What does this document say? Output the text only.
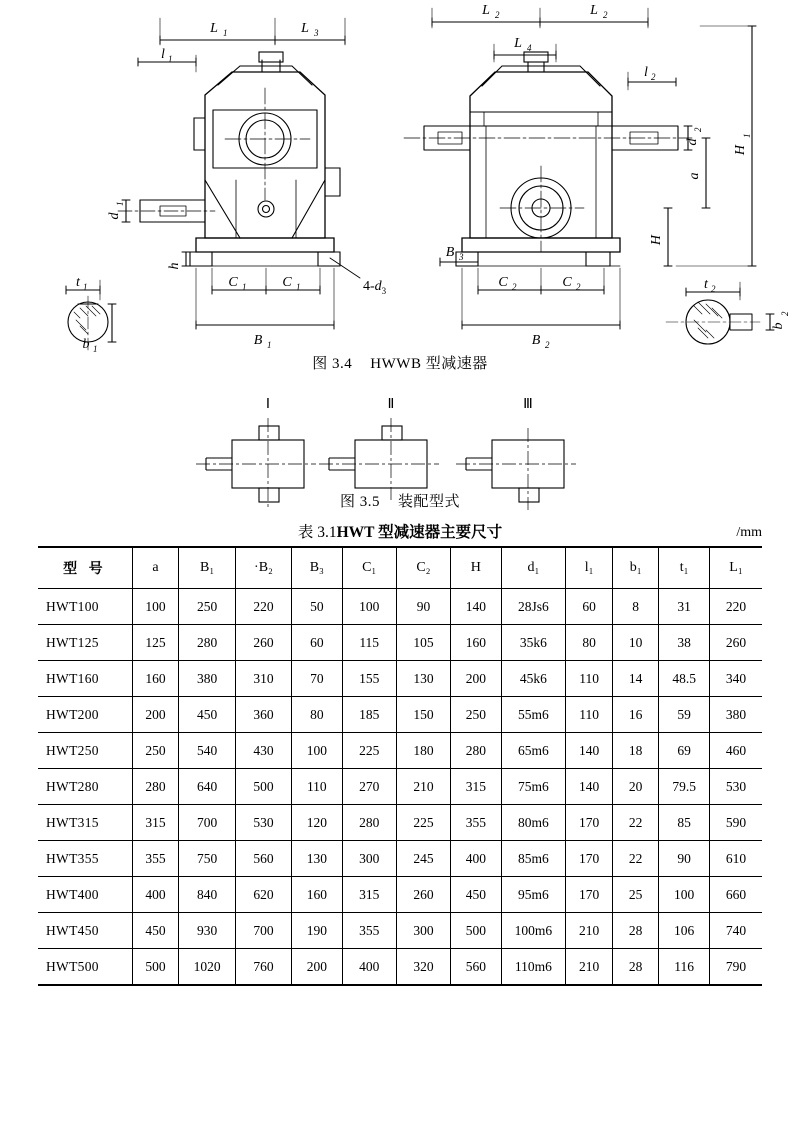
L 1	L 3
l 1
d
1
h
C 1	C 1
B 1
t 1
b 1
L 2	L 2
L 4
l 2
d
2
a
H
H
1
B 3
C 2	C 2
B 2
t 2
b
2
$4-d_3$
图 3.4 HWWB 型减速器
Ⅰ	Ⅱ	Ⅲ
图 3.5 装配型式
表 3.1HWT 型减速器主要尺寸	/mm
型 号	a	B₁	·B₂	B₃	C₁	C₂	H	d₁	l₁	b₁	t₁	L₁
HWT100	100	250	220	50	100	90	140	28Js6	60	8	31	220
HWT125	125	280	260	60	115	105	160	35k6	80	10	38	260
HWT160	160	380	310	70	155	130	200	45k6	110	14	48.5	340
HWT200	200	450	360	80	185	150	250	55m6	110	16	59	380
HWT250	250	540	430	100	225	180	280	65m6	140	18	69	460
HWT280	280	640	500	110	270	210	315	75m6	140	20	79.5	530
HWT315	315	700	530	120	280	225	355	80m6	170	22	85	590
HWT355	355	750	560	130	300	245	400	85m6	170	22	90	610
HWT400	400	840	620	160	315	260	450	95m6	170	25	100	660
HWT450	450	930	700	190	355	300	500	100m6	210	28	106	740
HWT500	500	1020	760	200	400	320	560	110m6	210	28	116	790
